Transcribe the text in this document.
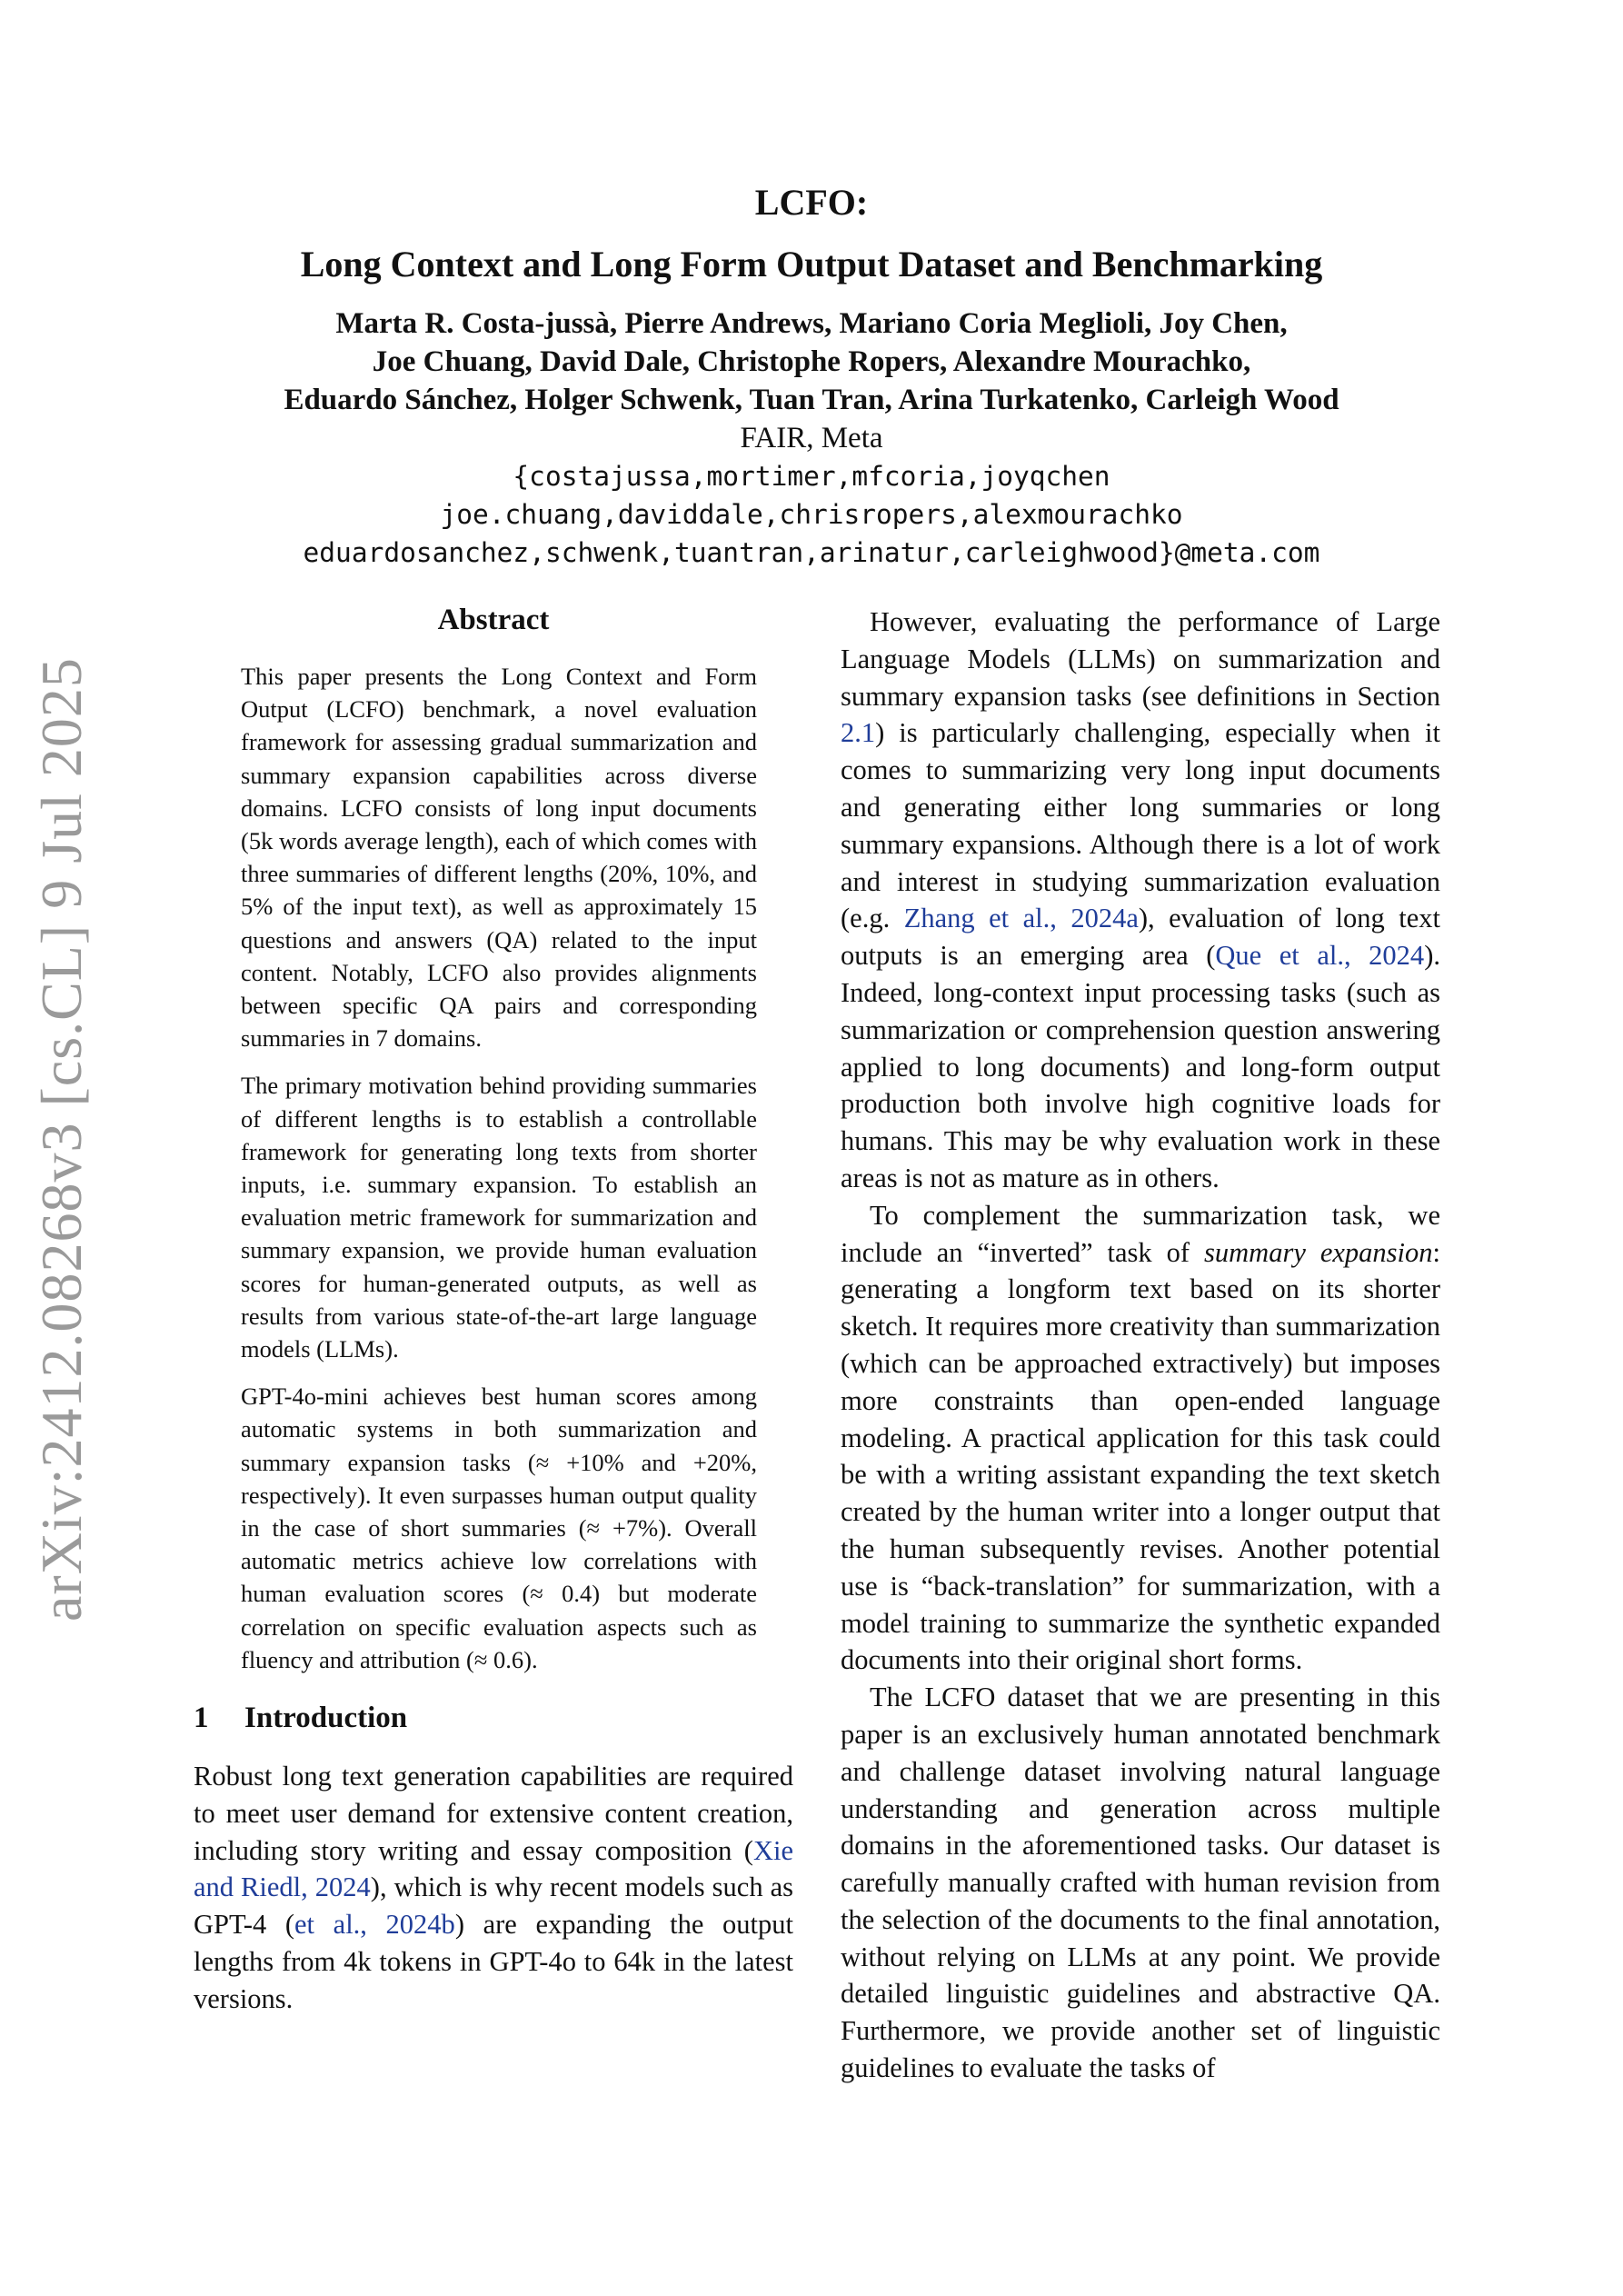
arXiv:2412.08268v3 [cs.CL] 9 Jul 2025
LCFO:
Long Context and Long Form Output Dataset and Benchmarking
Marta R. Costa-jussà, Pierre Andrews, Mariano Coria Meglioli, Joy Chen,
Joe Chuang, David Dale, Christophe Ropers, Alexandre Mourachko,
Eduardo Sánchez, Holger Schwenk, Tuan Tran, Arina Turkatenko, Carleigh Wood
FAIR, Meta
{costajussa,mortimer,mfcoria,joyqchen
joe.chuang,daviddale,chrisropers,alexmourachko
eduardosanchez,schwenk,tuantran,arinatur,carleighwood}@meta.com
Abstract

This paper presents the Long Context and Form Output (LCFO) benchmark, a novel evaluation framework for assessing gradual summarization and summary expansion capabilities across diverse domains. LCFO consists of long input documents (5k words average length), each of which comes with three summaries of different lengths (20%, 10%, and 5% of the input text), as well as approximately 15 questions and answers (QA) related to the input content. Notably, LCFO also provides alignments between specific QA pairs and corresponding summaries in 7 domains.

The primary motivation behind providing summaries of different lengths is to establish a controllable framework for generating long texts from shorter inputs, i.e. summary expansion. To establish an evaluation metric framework for summarization and summary expansion, we provide human evaluation scores for human-generated outputs, as well as results from various state-of-the-art large language models (LLMs).

GPT-4o-mini achieves best human scores among automatic systems in both summarization and summary expansion tasks (≈ +10% and +20%, respectively). It even surpasses human output quality in the case of short summaries (≈ +7%). Overall automatic metrics achieve low correlations with human evaluation scores (≈ 0.4) but moderate correlation on specific evaluation aspects such as fluency and attribution (≈ 0.6).

1 Introduction

Robust long text generation capabilities are required to meet user demand for extensive content creation, including story writing and essay composition (Xie and Riedl, 2024), which is why recent models such as GPT-4 (et al., 2024b) are expanding the output lengths from 4k tokens in GPT-4o to 64k in the latest versions.

However, evaluating the performance of Large Language Models (LLMs) on summarization and summary expansion tasks (see definitions in Section 2.1) is particularly challenging, especially when it comes to summarizing very long input documents and generating either long summaries or long summary expansions. Although there is a lot of work and interest in studying summarization evaluation (e.g. Zhang et al., 2024a), evaluation of long text outputs is an emerging area (Que et al., 2024). Indeed, long-context input processing tasks (such as summarization or comprehension question answering applied to long documents) and long-form output production both involve high cognitive loads for humans. This may be why evaluation work in these areas is not as mature as in others.

To complement the summarization task, we include an “inverted” task of summary expansion: generating a longform text based on its shorter sketch. It requires more creativity than summarization (which can be approached extractively) but imposes more constraints than open-ended language modeling. A practical application for this task could be with a writing assistant expanding the text sketch created by the human writer into a longer output that the human subsequently revises. Another potential use is “back-translation” for summarization, with a model training to summarize the synthetic expanded documents into their original short forms.

The LCFO dataset that we are presenting in this paper is an exclusively human annotated benchmark and challenge dataset involving natural language understanding and generation across multiple domains in the aforementioned tasks. Our dataset is carefully manually crafted with human revision from the selection of the documents to the final annotation, without relying on LLMs at any point. We provide detailed linguistic guidelines and abstractive QA. Furthermore, we provide another set of linguistic guidelines to evaluate the tasks of
